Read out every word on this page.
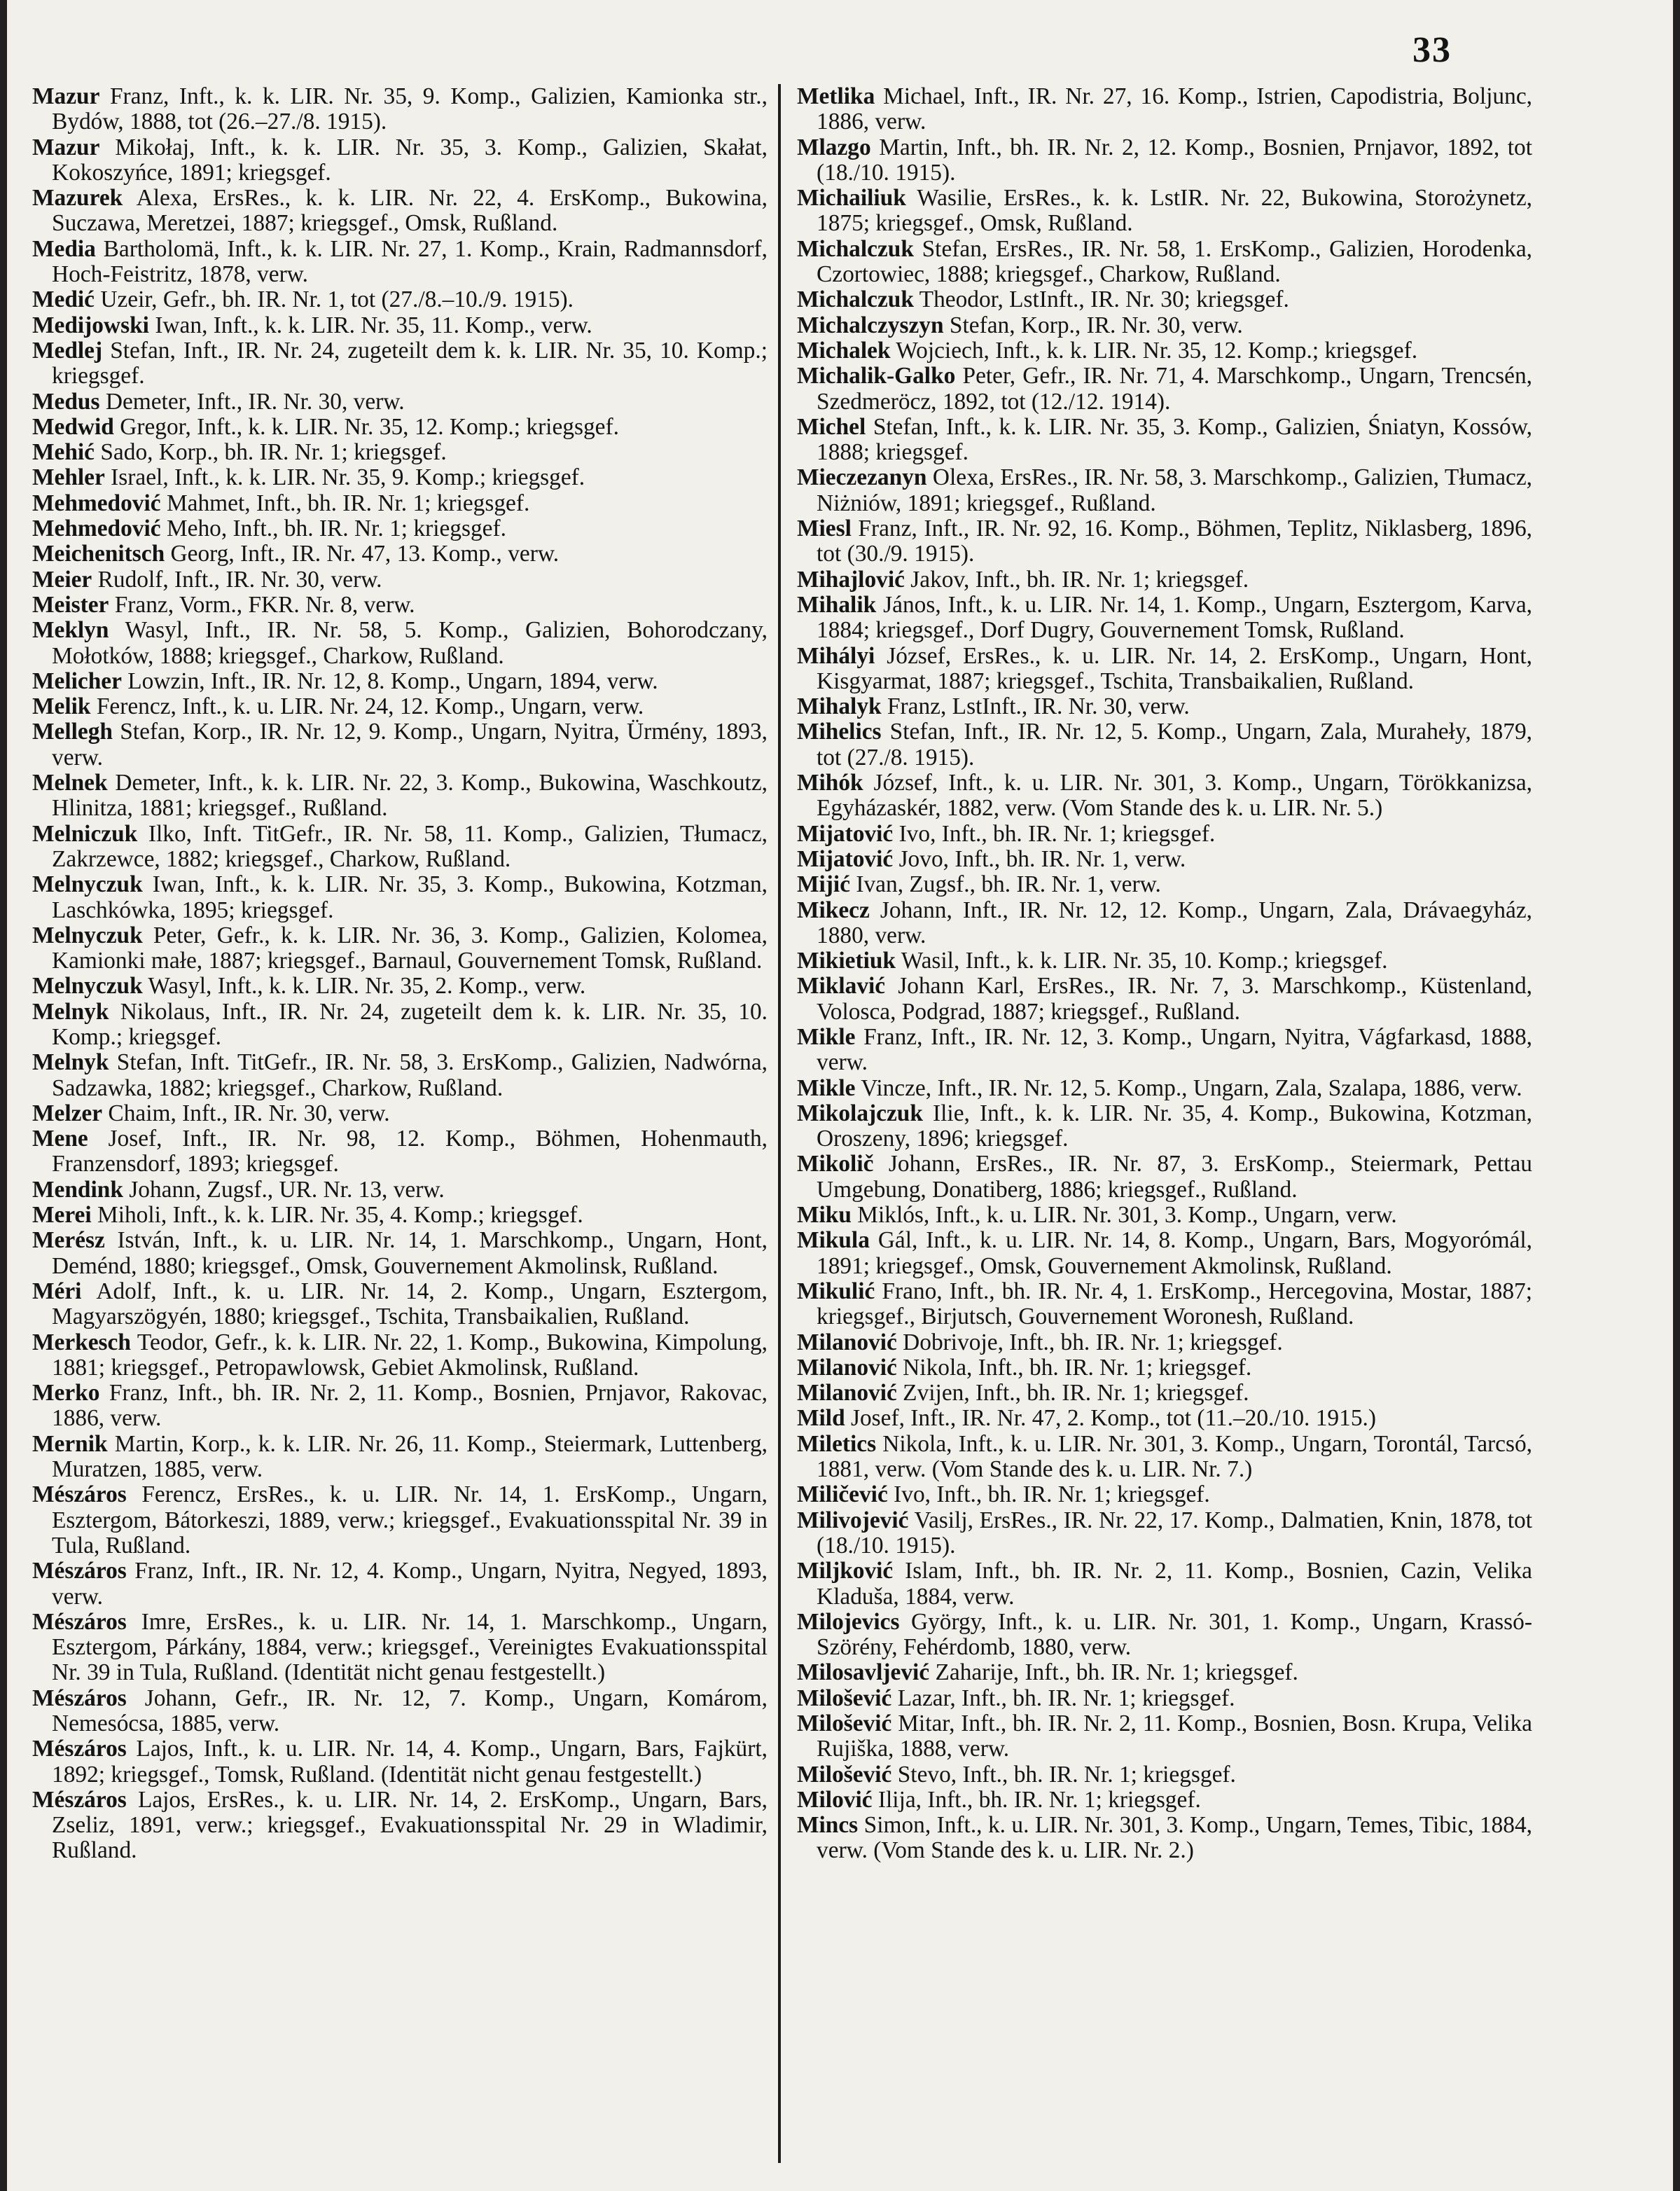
33

Mazur Franz, Inft., k. k. LIR. Nr. 35, 9. Komp., Galizien, Kamionka str., Bydów, 1888, tot (26.–27./8. 1915).

Mazur Mikołaj, Inft., k. k. LIR. Nr. 35, 3. Komp., Galizien, Skałat, Kokoszyńce, 1891; kriegsgef.

Mazurek Alexa, ErsRes., k. k. LIR. Nr. 22, 4. ErsKomp., Bukowina, Suczawa, Meretzei, 1887; kriegsgef., Omsk, Rußland.

Media Bartholomä, Inft., k. k. LIR. Nr. 27, 1. Komp., Krain, Radmannsdorf, Hoch-Feistritz, 1878, verw.

Medić Uzeir, Gefr., bh. IR. Nr. 1, tot (27./8.–10./9. 1915).

Medijowski Iwan, Inft., k. k. LIR. Nr. 35, 11. Komp., verw.

Medlej Stefan, Inft., IR. Nr. 24, zugeteilt dem k. k. LIR. Nr. 35, 10. Komp.; kriegsgef.

Medus Demeter, Inft., IR. Nr. 30, verw.

Medwid Gregor, Inft., k. k. LIR. Nr. 35, 12. Komp.; kriegsgef.

Mehić Sado, Korp., bh. IR. Nr. 1; kriegsgef.

Mehler Israel, Inft., k. k. LIR. Nr. 35, 9. Komp.; kriegsgef.

Mehmedović Mahmet, Inft., bh. IR. Nr. 1; kriegsgef.

Mehmedović Meho, Inft., bh. IR. Nr. 1; kriegsgef.

Meichenitsch Georg, Inft., IR. Nr. 47, 13. Komp., verw.

Meier Rudolf, Inft., IR. Nr. 30, verw.

Meister Franz, Vorm., FKR. Nr. 8, verw.

Meklyn Wasyl, Inft., IR. Nr. 58, 5. Komp., Galizien, Bohorodczany, Mołotków, 1888; kriegsgef., Charkow, Rußland.

Melicher Lowzin, Inft., IR. Nr. 12, 8. Komp., Ungarn, 1894, verw.

Melik Ferencz, Inft., k. u. LIR. Nr. 24, 12. Komp., Ungarn, verw.

Mellegh Stefan, Korp., IR. Nr. 12, 9. Komp., Ungarn, Nyitra, Ürmény, 1893, verw.

Melnek Demeter, Inft., k. k. LIR. Nr. 22, 3. Komp., Bukowina, Waschkoutz, Hlinitza, 1881; kriegsgef., Rußland.

Melniczuk Ilko, Inft. TitGefr., IR. Nr. 58, 11. Komp., Galizien, Tłumacz, Zakrzewce, 1882; kriegsgef., Charkow, Rußland.

Melnyczuk Iwan, Inft., k. k. LIR. Nr. 35, 3. Komp., Bukowina, Kotzman, Laschkówka, 1895; kriegsgef.

Melnyczuk Peter, Gefr., k. k. LIR. Nr. 36, 3. Komp., Galizien, Kolomea, Kamionki małe, 1887; kriegsgef., Barnaul, Gouvernement Tomsk, Rußland.

Melnyczuk Wasyl, Inft., k. k. LIR. Nr. 35, 2. Komp., verw.

Melnyk Nikolaus, Inft., IR. Nr. 24, zugeteilt dem k. k. LIR. Nr. 35, 10. Komp.; kriegsgef.

Melnyk Stefan, Inft. TitGefr., IR. Nr. 58, 3. ErsKomp., Galizien, Nadwórna, Sadzawka, 1882; kriegsgef., Charkow, Rußland.

Melzer Chaim, Inft., IR. Nr. 30, verw.

Mene Josef, Inft., IR. Nr. 98, 12. Komp., Böhmen, Hohenmauth, Franzensdorf, 1893; kriegsgef.

Mendink Johann, Zugsf., UR. Nr. 13, verw.

Merei Miholi, Inft., k. k. LIR. Nr. 35, 4. Komp.; kriegsgef.

Merész István, Inft., k. u. LIR. Nr. 14, 1. Marschkomp., Ungarn, Hont, Deménd, 1880; kriegsgef., Omsk, Gouvernement Akmolinsk, Rußland.

Méri Adolf, Inft., k. u. LIR. Nr. 14, 2. Komp., Ungarn, Esztergom, Magyarszögyén, 1880; kriegsgef., Tschita, Transbaikalien, Rußland.

Merkesch Teodor, Gefr., k. k. LIR. Nr. 22, 1. Komp., Bukowina, Kimpolung, 1881; kriegsgef., Petropawlowsk, Gebiet Akmolinsk, Rußland.

Merko Franz, Inft., bh. IR. Nr. 2, 11. Komp., Bosnien, Prnjavor, Rakovac, 1886, verw.

Mernik Martin, Korp., k. k. LIR. Nr. 26, 11. Komp., Steiermark, Luttenberg, Muratzen, 1885, verw.

Mészáros Ferencz, ErsRes., k. u. LIR. Nr. 14, 1. ErsKomp., Ungarn, Esztergom, Bátorkeszi, 1889, verw.; kriegsgef., Evakuationsspital Nr. 39 in Tula, Rußland.

Mészáros Franz, Inft., IR. Nr. 12, 4. Komp., Ungarn, Nyitra, Negyed, 1893, verw.

Mészáros Imre, ErsRes., k. u. LIR. Nr. 14, 1. Marschkomp., Ungarn, Esztergom, Párkány, 1884, verw.; kriegsgef., Vereinigtes Evakuationsspital Nr. 39 in Tula, Rußland. (Identität nicht genau festgestellt.)

Mészáros Johann, Gefr., IR. Nr. 12, 7. Komp., Ungarn, Komárom, Nemesócsa, 1885, verw.

Mészáros Lajos, Inft., k. u. LIR. Nr. 14, 4. Komp., Ungarn, Bars, Fajkürt, 1892; kriegsgef., Tomsk, Rußland. (Identität nicht genau festgestellt.)

Mészáros Lajos, ErsRes., k. u. LIR. Nr. 14, 2. ErsKomp., Ungarn, Bars, Zseliz, 1891, verw.; kriegsgef., Evakuationsspital Nr. 29 in Wladimir, Rußland.

Metlika Michael, Inft., IR. Nr. 27, 16. Komp., Istrien, Capodistria, Boljunc, 1886, verw.

Mlazgo Martin, Inft., bh. IR. Nr. 2, 12. Komp., Bosnien, Prnjavor, 1892, tot (18./10. 1915).

Michailiuk Wasilie, ErsRes., k. k. LstIR. Nr. 22, Bukowina, Storożynetz, 1875; kriegsgef., Omsk, Rußland.

Michalczuk Stefan, ErsRes., IR. Nr. 58, 1. ErsKomp., Galizien, Horodenka, Czortowiec, 1888; kriegsgef., Charkow, Rußland.

Michalczuk Theodor, LstInft., IR. Nr. 30; kriegsgef.

Michalczyszyn Stefan, Korp., IR. Nr. 30, verw.

Michalek Wojciech, Inft., k. k. LIR. Nr. 35, 12. Komp.; kriegsgef.

Michalik-Galko Peter, Gefr., IR. Nr. 71, 4. Marschkomp., Ungarn, Trencsén, Szedmeröcz, 1892, tot (12./12. 1914).

Michel Stefan, Inft., k. k. LIR. Nr. 35, 3. Komp., Galizien, Śniatyn, Kossów, 1888; kriegsgef.

Mieczezanyn Olexa, ErsRes., IR. Nr. 58, 3. Marschkomp., Galizien, Tłumacz, Niżniów, 1891; kriegsgef., Rußland.

Miesl Franz, Inft., IR. Nr. 92, 16. Komp., Böhmen, Teplitz, Niklasberg, 1896, tot (30./9. 1915).

Mihajlović Jakov, Inft., bh. IR. Nr. 1; kriegsgef.

Mihalik János, Inft., k. u. LIR. Nr. 14, 1. Komp., Ungarn, Esztergom, Karva, 1884; kriegsgef., Dorf Dugry, Gouvernement Tomsk, Rußland.

Mihályi József, ErsRes., k. u. LIR. Nr. 14, 2. ErsKomp., Ungarn, Hont, Kisgyarmat, 1887; kriegsgef., Tschita, Transbaikalien, Rußland.

Mihalyk Franz, LstInft., IR. Nr. 30, verw.

Mihelics Stefan, Inft., IR. Nr. 12, 5. Komp., Ungarn, Zala, Muraheły, 1879, tot (27./8. 1915).

Mihók József, Inft., k. u. LIR. Nr. 301, 3. Komp., Ungarn, Törökkanizsa, Egyházaskér, 1882, verw. (Vom Stande des k. u. LIR. Nr. 5.)

Mijatović Ivo, Inft., bh. IR. Nr. 1; kriegsgef.

Mijatović Jovo, Inft., bh. IR. Nr. 1, verw.

Mijić Ivan, Zugsf., bh. IR. Nr. 1, verw.

Mikecz Johann, Inft., IR. Nr. 12, 12. Komp., Ungarn, Zala, Drávaegyház, 1880, verw.

Mikietiuk Wasil, Inft., k. k. LIR. Nr. 35, 10. Komp.; kriegsgef.

Miklavić Johann Karl, ErsRes., IR. Nr. 7, 3. Marschkomp., Küstenland, Volosca, Podgrad, 1887; kriegsgef., Rußland.

Mikle Franz, Inft., IR. Nr. 12, 3. Komp., Ungarn, Nyitra, Vágfarkasd, 1888, verw.

Mikle Vincze, Inft., IR. Nr. 12, 5. Komp., Ungarn, Zala, Szalapa, 1886, verw.

Mikolajczuk Ilie, Inft., k. k. LIR. Nr. 35, 4. Komp., Bukowina, Kotzman, Oroszeny, 1896; kriegsgef.

Mikolič Johann, ErsRes., IR. Nr. 87, 3. ErsKomp., Steiermark, Pettau Umgebung, Donatiberg, 1886; kriegsgef., Rußland.

Miku Miklós, Inft., k. u. LIR. Nr. 301, 3. Komp., Ungarn, verw.

Mikula Gál, Inft., k. u. LIR. Nr. 14, 8. Komp., Ungarn, Bars, Mogyorómál, 1891; kriegsgef., Omsk, Gouvernement Akmolinsk, Rußland.

Mikulić Frano, Inft., bh. IR. Nr. 4, 1. ErsKomp., Hercegovina, Mostar, 1887; kriegsgef., Birjutsch, Gouvernement Woronesh, Rußland.

Milanović Dobrivoje, Inft., bh. IR. Nr. 1; kriegsgef.

Milanović Nikola, Inft., bh. IR. Nr. 1; kriegsgef.

Milanović Zvijen, Inft., bh. IR. Nr. 1; kriegsgef.

Mild Josef, Inft., IR. Nr. 47, 2. Komp., tot (11.–20./10. 1915.)

Miletics Nikola, Inft., k. u. LIR. Nr. 301, 3. Komp., Ungarn, Torontál, Tarcsó, 1881, verw. (Vom Stande des k. u. LIR. Nr. 7.)

Miličević Ivo, Inft., bh. IR. Nr. 1; kriegsgef.

Milivojević Vasilj, ErsRes., IR. Nr. 22, 17. Komp., Dalmatien, Knin, 1878, tot (18./10. 1915).

Miljković Islam, Inft., bh. IR. Nr. 2, 11. Komp., Bosnien, Cazin, Velika Kladuša, 1884, verw.

Milojevics György, Inft., k. u. LIR. Nr. 301, 1. Komp., Ungarn, Krassó-Szörény, Fehérdomb, 1880, verw.

Milosavljević Zaharije, Inft., bh. IR. Nr. 1; kriegsgef.

Milošević Lazar, Inft., bh. IR. Nr. 1; kriegsgef.

Milošević Mitar, Inft., bh. IR. Nr. 2, 11. Komp., Bosnien, Bosn. Krupa, Velika Rujiška, 1888, verw.

Milošević Stevo, Inft., bh. IR. Nr. 1; kriegsgef.

Milović Ilija, Inft., bh. IR. Nr. 1; kriegsgef.

Mincs Simon, Inft., k. u. LIR. Nr. 301, 3. Komp., Ungarn, Temes, Tibic, 1884, verw. (Vom Stande des k. u. LIR. Nr. 2.)
